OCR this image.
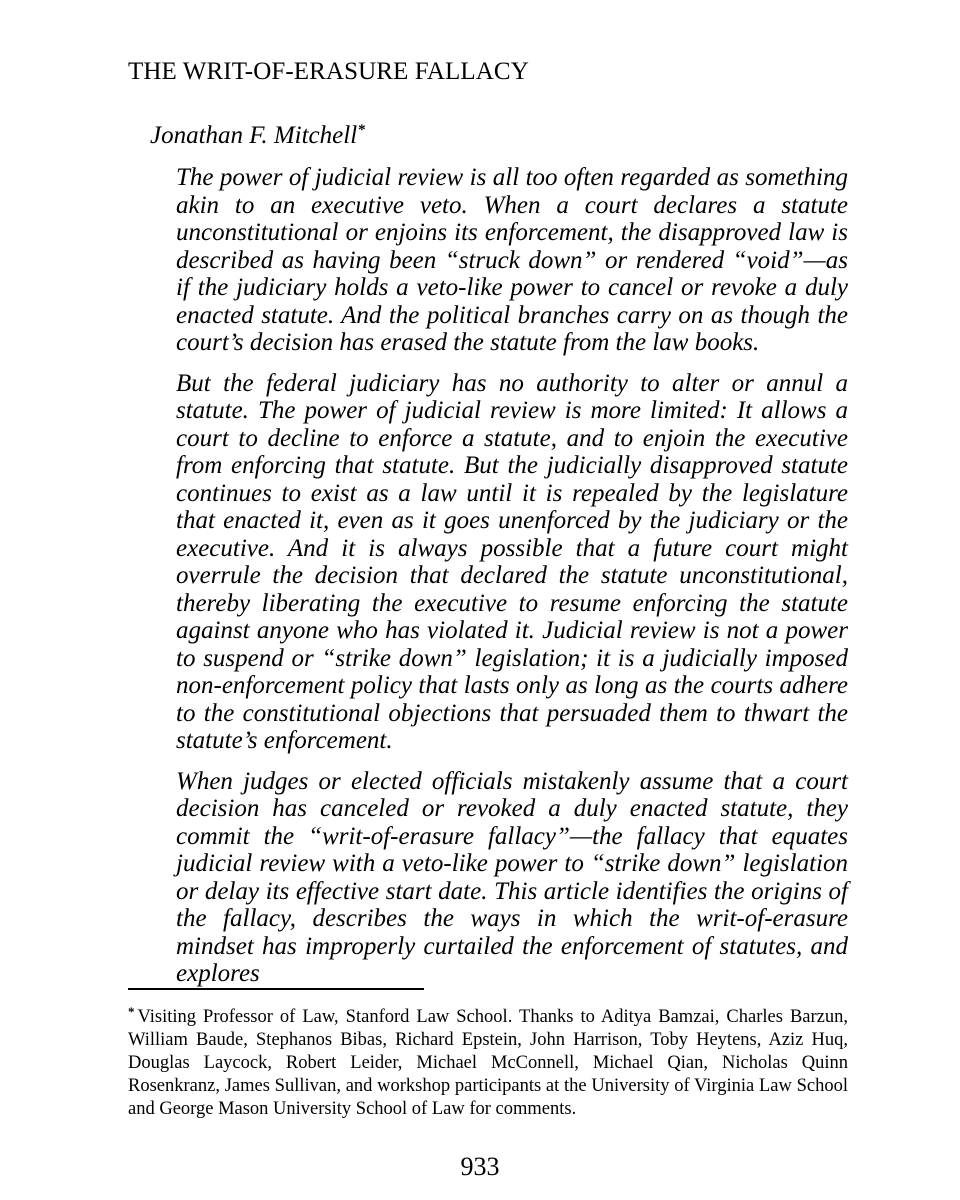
THE WRIT-OF-ERASURE FALLACY
Jonathan F. Mitchell*

The power of judicial review is all too often regarded as something akin to an executive veto. When a court declares a statute unconstitutional or enjoins its enforcement, the disapproved law is described as having been “struck down” or rendered “void”—as if the judiciary holds a veto-like power to cancel or revoke a duly enacted statute. And the political branches carry on as though the court’s decision has erased the statute from the law books.

But the federal judiciary has no authority to alter or annul a statute. The power of judicial review is more limited: It allows a court to decline to enforce a statute, and to enjoin the executive from enforcing that statute. But the judicially disapproved statute continues to exist as a law until it is repealed by the legislature that enacted it, even as it goes unenforced by the judiciary or the executive. And it is always possible that a future court might overrule the decision that declared the statute unconstitutional, thereby liberating the executive to resume enforcing the statute against anyone who has violated it. Judicial review is not a power to suspend or “strike down” legislation; it is a judicially imposed non-enforcement policy that lasts only as long as the courts adhere to the constitutional objections that persuaded them to thwart the statute’s enforcement.

When judges or elected officials mistakenly assume that a court decision has canceled or revoked a duly enacted statute, they commit the “writ-of-erasure fallacy”—the fallacy that equates judicial review with a veto-like power to “strike down” legislation or delay its effective start date. This article identifies the origins of the fallacy, describes the ways in which the writ-of-erasure mindset has improperly curtailed the enforcement of statutes, and explores

* Visiting Professor of Law, Stanford Law School. Thanks to Aditya Bamzai, Charles Barzun, William Baude, Stephanos Bibas, Richard Epstein, John Harrison, Toby Heytens, Aziz Huq, Douglas Laycock, Robert Leider, Michael McConnell, Michael Qian, Nicholas Quinn Rosenkranz, James Sullivan, and workshop participants at the University of Virginia Law School and George Mason University School of Law for comments.
933
